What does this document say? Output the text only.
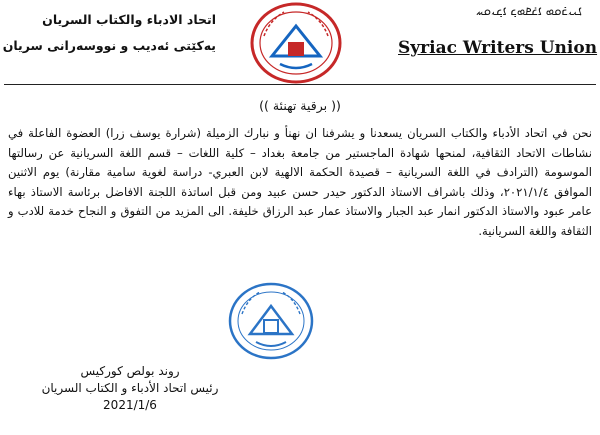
ܚܘܝܕܐ ܕܣܦܪܐ ܣܘܪܝܝܐ
Syriac Writers Union
اتحاد الادباء والكتاب السريان
يەكێتى ئەديب و نووسەرانى سريان
(( برقية تهنئة ))
نحن في اتحاد الأدباء والكتاب السريان يسعدنا و يشرفنا ان نهنأ و نبارك الزميلة (شرارة يوسف زرا) العضوة الفاعلة في نشاطات الاتحاد الثقافية، لمنحها شهادة الماجستير من جامعة بغداد – كلية اللغات – قسم اللغة السريانية عن رسالتها الموسومة (الترادف في اللغة السريانية – قصيدة الحكمة الالهية لابن العبري- دراسة لغوية سامية مقارنة) يوم الاثنين الموافق ٢٠٢١/١/٤، وذلك باشراف الاستاذ الدكتور حيدر حسن عبيد ومن قبل اساتذة اللجنة الافاضل برئاسة الاستاذ بهاء عامر عبود والاستاذ الدكتور انمار عبد الجبار والاستاذ عمار عبد الرزاق خليفة. الى المزيد من التفوق و النجاح خدمة للادب و الثقافة واللغة السريانية.
روند بولص كوركيس
رئيس اتحاد الأدباء و الكتاب السريان
2021/1/6
